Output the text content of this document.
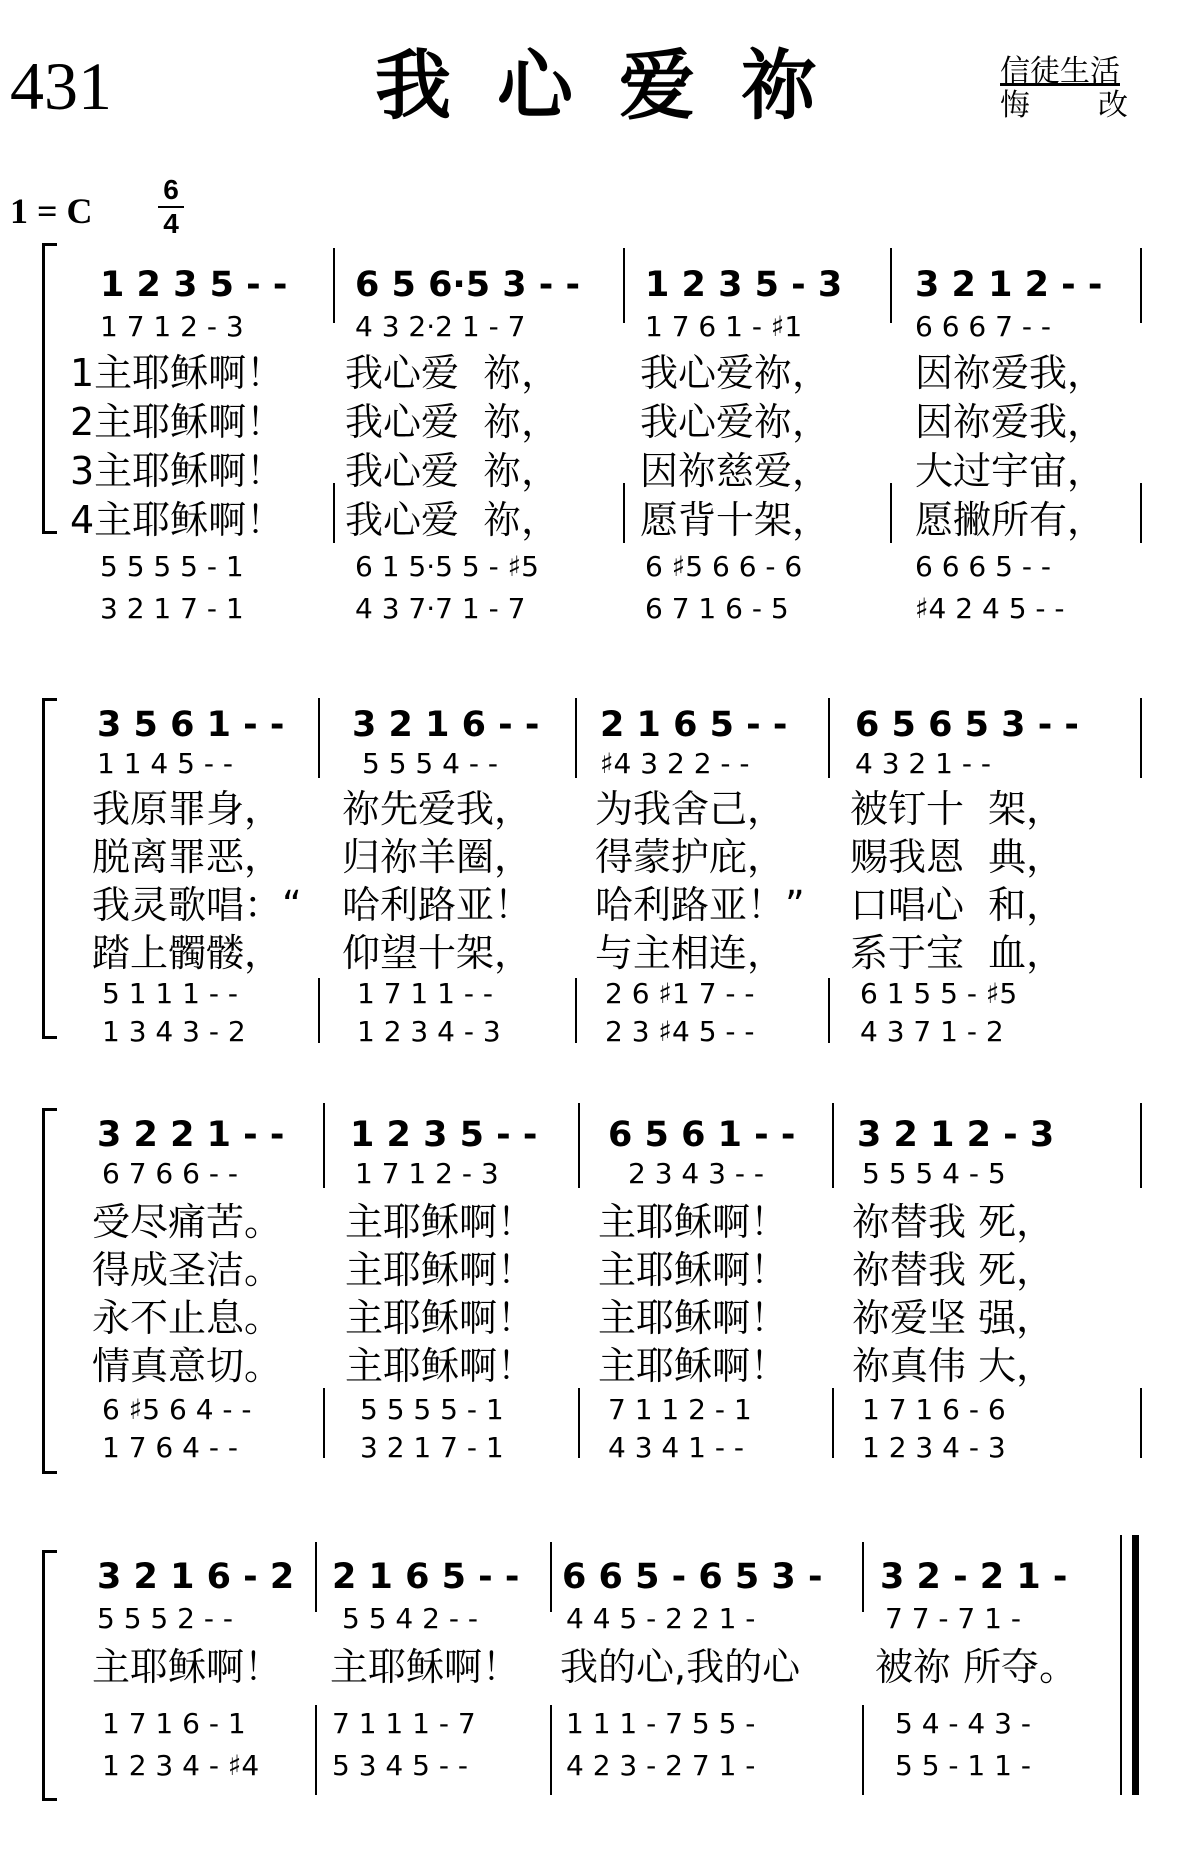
431	我心爱祢	信徒生活
悔 改
1 = C
6
4
1 2 3 5 - -
1 7 1 2 - 3
1主耶稣啊！
2主耶稣啊！
3主耶稣啊！
4主耶稣啊！
5 5 5 5 - 1
3 2 1 7 - 1
6 5 6·5 3 - -
4 3 2·2 1 - 7
我心爱  祢，
我心爱  祢，
我心爱  祢，
我心爱  祢，
6 1 5·5 5 - ♯5
4 3 7·7 1 - 7
1 2 3 5 - 3
1 7 6 1 - ♯1
我心爱祢，
我心爱祢，
因祢慈爱，
愿背十架，
6 ♯5 6 6 - 6
6 7 1 6 - 5
3 2 1 2 - -
6 6 6 7 - -
因祢爱我，
因祢爱我，
大过宇宙，
愿撇所有，
6 6 6 5 - -
♯4 2 4 5 - -
3 5 6 1 - -
1 1 4 5 - -
我原罪身，
脱离罪恶，
我灵歌唱：“
踏上髑髅，
5 1 1 1 - -
1 3 4 3 - 2
3 2 1 6 - -
5 5 5 4 - -
祢先爱我，
归祢羊圈，
哈利路亚！
仰望十架，
1 7 1 1 - -
1 2 3 4 - 3
2 1 6 5 - -
♯4 3 2 2 - -
为我舍己，
得蒙护庇，
哈利路亚！”
与主相连，
2 6 ♯1 7 - -
2 3 ♯4 5 - -
6 5 6 5 3 - -
4 3 2 1 - -
被钉十  架，
赐我恩  典，
口唱心  和，
系于宝  血，
6 1 5 5 - ♯5
4 3 7 1 - 2
3 2 2 1 - -
6 7 6 6 - -
受尽痛苦。
得成圣洁。
永不止息。
情真意切。
6 ♯5 6 4 - -
1 7 6 4 - -
1 2 3 5 - -
1 7 1 2 - 3
主耶稣啊！
主耶稣啊！
主耶稣啊！
主耶稣啊！
5 5 5 5 - 1
3 2 1 7 - 1
6 5 6 1 - -
2 3 4 3 - -
主耶稣啊！
主耶稣啊！
主耶稣啊！
主耶稣啊！
7 1 1 2 - 1
4 3 4 1 - -
3 2 1 2 - 3
5 5 5 4 - 5
祢替我 死，
祢替我 死，
祢爱坚 强，
祢真伟 大，
1 7 1 6 - 6
1 2 3 4 - 3
3 2 1 6 - 2
5 5 5 2 - -
主耶稣啊！
1 7 1 6 - 1
1 2 3 4 - ♯4
2 1 6 5 - -
5 5 4 2 - -
主耶稣啊！
7 1 1 1 - 7
5 3 4 5 - -
6 6 5 - 6 5 3 -
4 4 5 - 2 2 1 -
我的心,我的心
1 1 1 - 7 5 5 -
4 2 3 - 2 7 1 -
3 2 - 2 1 -
7 7 - 7 1 -
被祢 所夺。
5 4 - 4 3 -
5 5 - 1 1 -
